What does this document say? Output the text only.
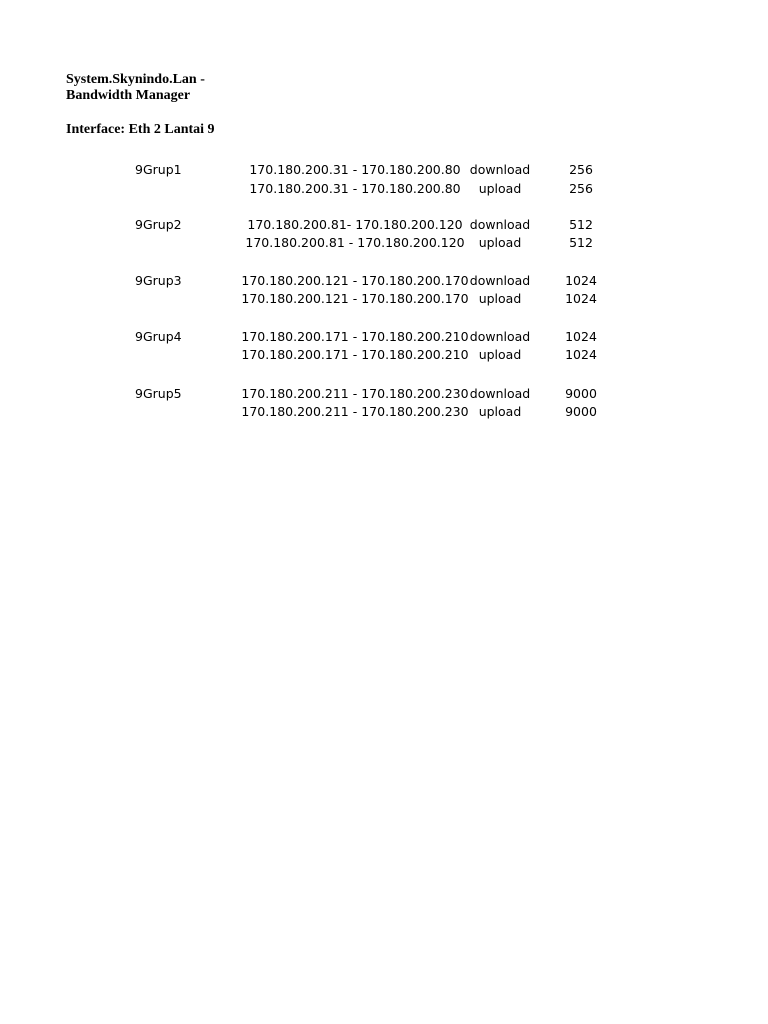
System.Skynindo.Lan -
Bandwidth Manager
Interface: Eth 2 Lantai 9
9Grup1	170.180.200.31 - 170.180.200.80 download	256
170.180.200.31 - 170.180.200.80	upload	256
9Grup2	170.180.200.81- 170.180.200.120 download	512
170.180.200.81 - 170.180.200.120	upload	512
9Grup3	170.180.200.121 - 170.180.200.170 download	1024
170.180.200.121 - 170.180.200.170 upload	1024
9Grup4	170.180.200.171 - 170.180.200.210 download	1024
170.180.200.171 - 170.180.200.210 upload	1024
9Grup5	170.180.200.211 - 170.180.200.230 download	9000
170.180.200.211 - 170.180.200.230 upload	9000
